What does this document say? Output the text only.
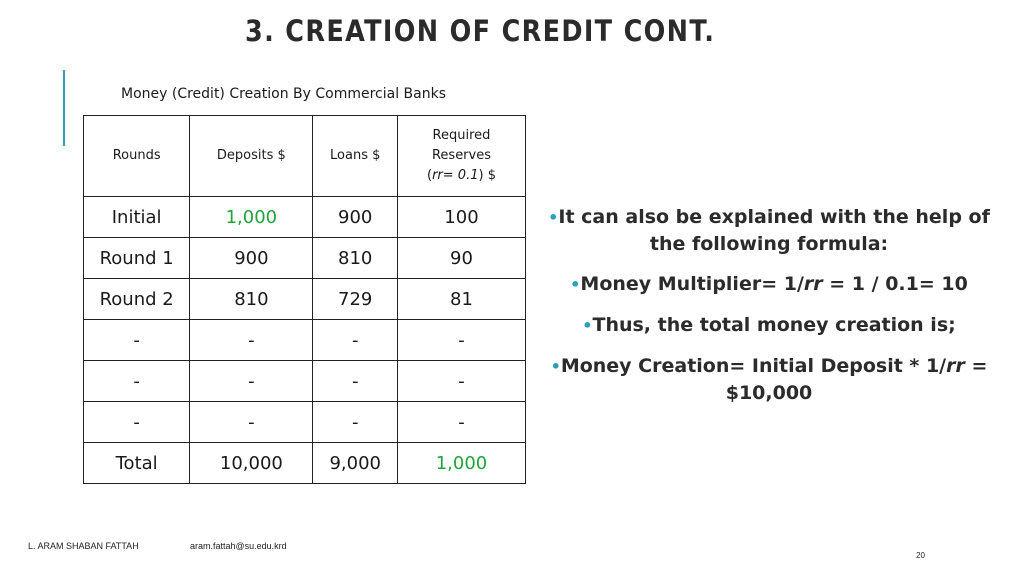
3. CREATION OF CREDIT CONT.
Money (Credit) Creation By Commercial Banks
Rounds	Deposits $	Loans $	Required
Reserves
(rr= 0.1) $

Initial	1,000	900	100
Round 1	900	810	90
Round 2	810	729	81
-	-	-	-
-	-	-	-
-	-	-	-
Total	10,000	9,000	1,000

•It can also be explained with the help of the following formula:

•Money Multiplier= 1/rr = 1 / 0.1= 10

•Thus, the total money creation is;

•Money Creation= Initial Deposit * 1/rr = $10,000

L. ARAM SHABAN FATTAH	aram.fattah@su.edu.krd
20
